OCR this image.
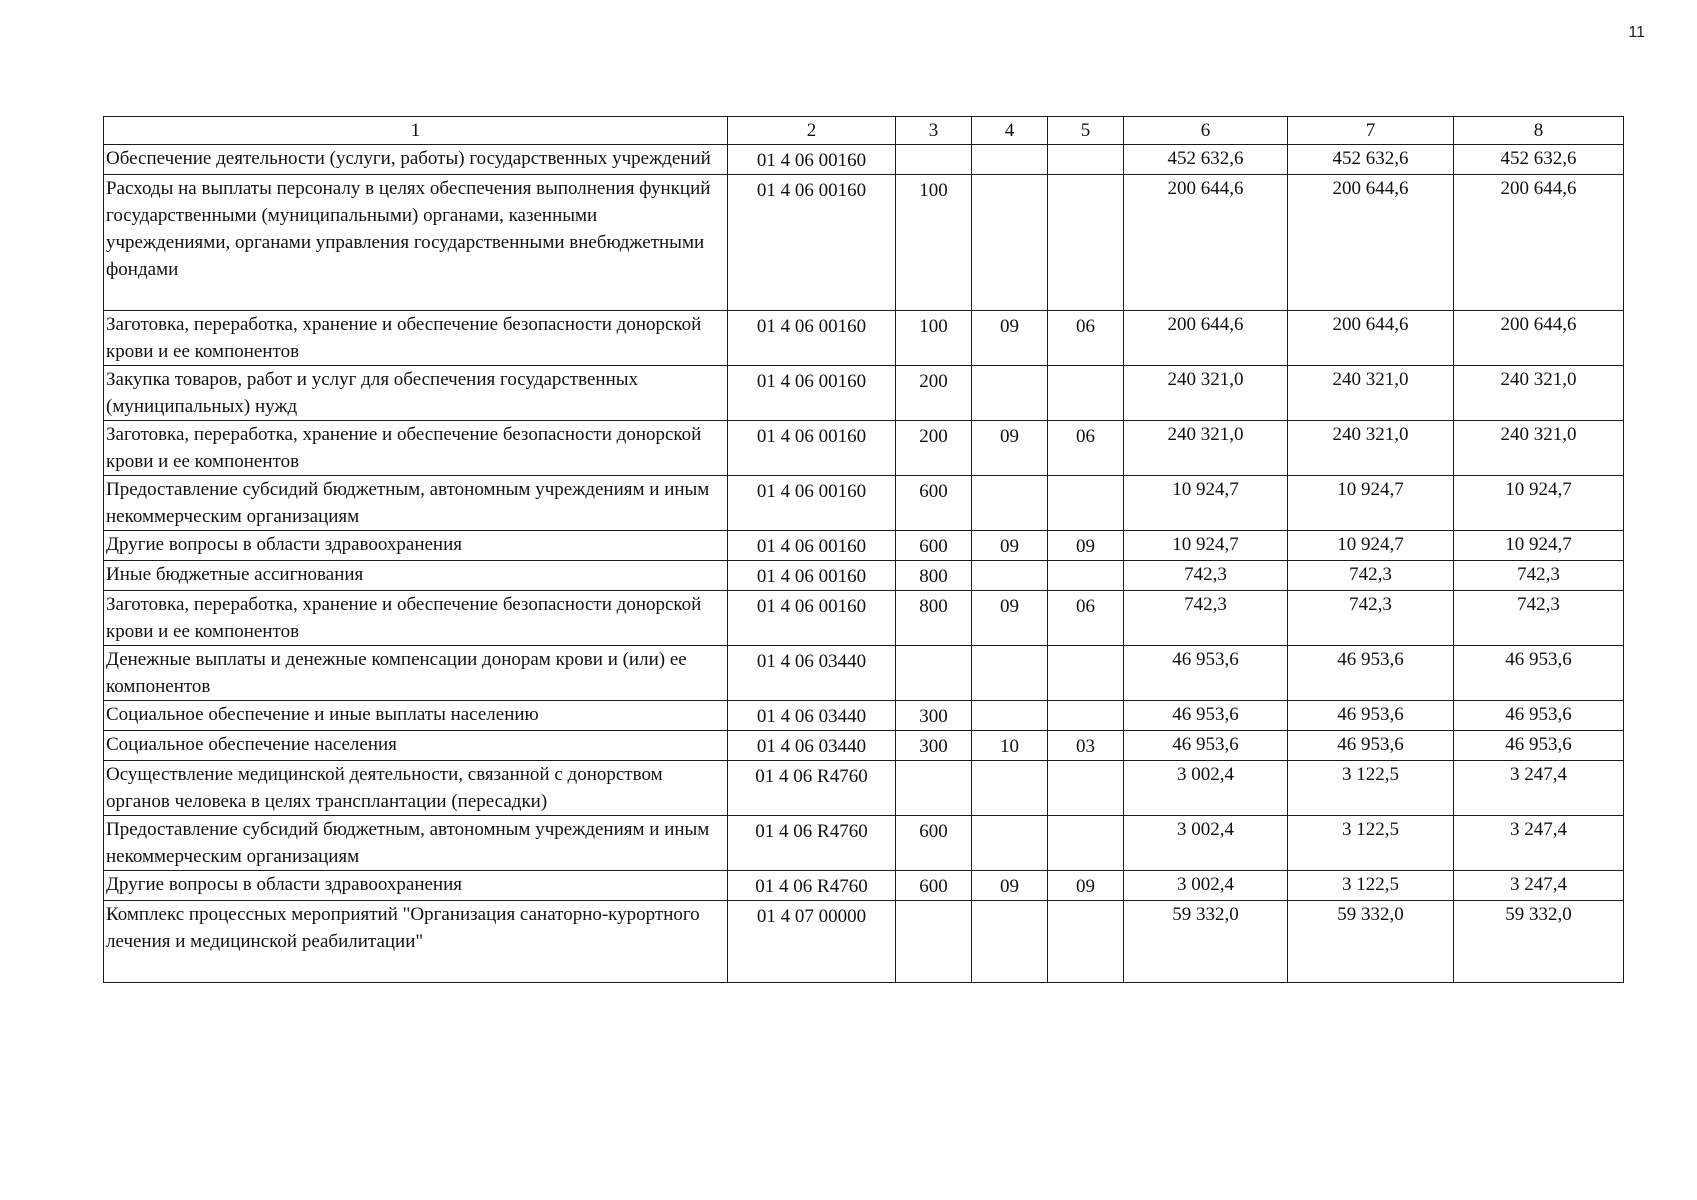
11
1	2	3	4	5	6	7	8
Обеспечение деятельности (услуги, работы) государственных учреждений	01 4 06 00160				452 632,6	452 632,6	452 632,6
Расходы на выплаты персоналу в целях обеспечения выполнения функций государственными (муниципальными) органами, казенными учреждениями, органами управления государственными внебюджетными фондами	01 4 06 00160	100			200 644,6	200 644,6	200 644,6
Заготовка, переработка, хранение и обеспечение безопасности донорской крови и ее компонентов	01 4 06 00160	100	09	06	200 644,6	200 644,6	200 644,6
Закупка товаров, работ и услуг для обеспечения государственных (муниципальных) нужд	01 4 06 00160	200			240 321,0	240 321,0	240 321,0
Заготовка, переработка, хранение и обеспечение безопасности донорской крови и ее компонентов	01 4 06 00160	200	09	06	240 321,0	240 321,0	240 321,0
Предоставление субсидий бюджетным, автономным учреждениям и иным некоммерческим организациям	01 4 06 00160	600			10 924,7	10 924,7	10 924,7
Другие вопросы в области здравоохранения	01 4 06 00160	600	09	09	10 924,7	10 924,7	10 924,7
Иные бюджетные ассигнования	01 4 06 00160	800			742,3	742,3	742,3
Заготовка, переработка, хранение и обеспечение безопасности донорской крови и ее компонентов	01 4 06 00160	800	09	06	742,3	742,3	742,3
Денежные выплаты и денежные компенсации донорам крови и (или) ее компонентов	01 4 06 03440				46 953,6	46 953,6	46 953,6
Социальное обеспечение и иные выплаты населению	01 4 06 03440	300			46 953,6	46 953,6	46 953,6
Социальное обеспечение населения	01 4 06 03440	300	10	03	46 953,6	46 953,6	46 953,6
Осуществление медицинской деятельности, связанной с донорством органов человека в целях трансплантации (пересадки)	01 4 06 R4760				3 002,4	3 122,5	3 247,4
Предоставление субсидий бюджетным, автономным учреждениям и иным некоммерческим организациям	01 4 06 R4760	600			3 002,4	3 122,5	3 247,4
Другие вопросы в области здравоохранения	01 4 06 R4760	600	09	09	3 002,4	3 122,5	3 247,4
Комплекс процессных мероприятий "Организация санаторно-курортного лечения и медицинской реабилитации"	01 4 07 00000				59 332,0	59 332,0	59 332,0
